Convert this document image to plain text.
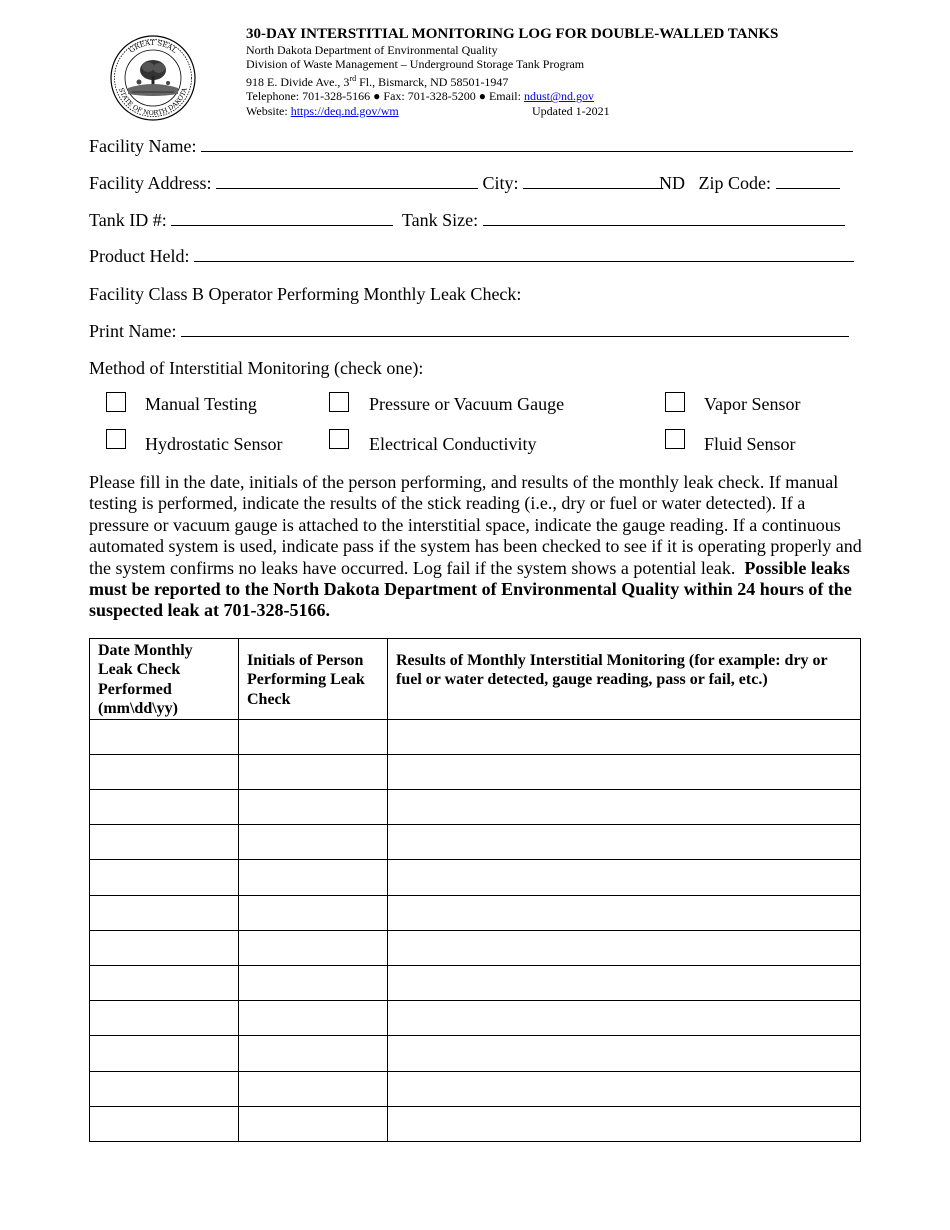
GREAT SEAL
STATE OF NORTH DAKOTA
30-DAY INTERSTITIAL MONITORING LOG FOR DOUBLE-WALLED TANKS
North Dakota Department of Environmental Quality
Division of Waste Management – Underground Storage Tank Program
918 E. Divide Ave., 3rd Fl., Bismarck, ND 58501-1947
Telephone: 701-328-5166 ● Fax: 701-328-5200 ● Email: ndust@nd.gov
Website: https://deq.nd.gov/wm	Updated 1-2021
Facility Name:
Facility Address:	City:	ND Zip Code:
Tank ID #:	Tank Size:
Product Held:
Facility Class B Operator Performing Monthly Leak Check:
Print Name:
Method of Interstitial Monitoring (check one):
Manual Testing	Pressure or Vacuum Gauge	Vapor Sensor
Hydrostatic Sensor	Electrical Conductivity	Fluid Sensor
Please fill in the date, initials of the person performing, and results of the monthly leak check. If manual testing is performed, indicate the results of the stick reading (i.e., dry or fuel or water detected). If a pressure or vacuum gauge is attached to the interstitial space, indicate the gauge reading. If a continuous automated system is used, indicate pass if the system has been checked to see if it is operating properly and the system confirms no leaks have occurred. Log fail if the system shows a potential leak. Possible leaks must be reported to the North Dakota Department of Environmental Quality within 24 hours of the suspected leak at 701-328-5166.
Date Monthly Leak Check Performed (mm\dd\yy)	Initials of Person Performing Leak Check	Results of Monthly Interstitial Monitoring (for example: dry or fuel or water detected, gauge reading, pass or fail, etc.)
